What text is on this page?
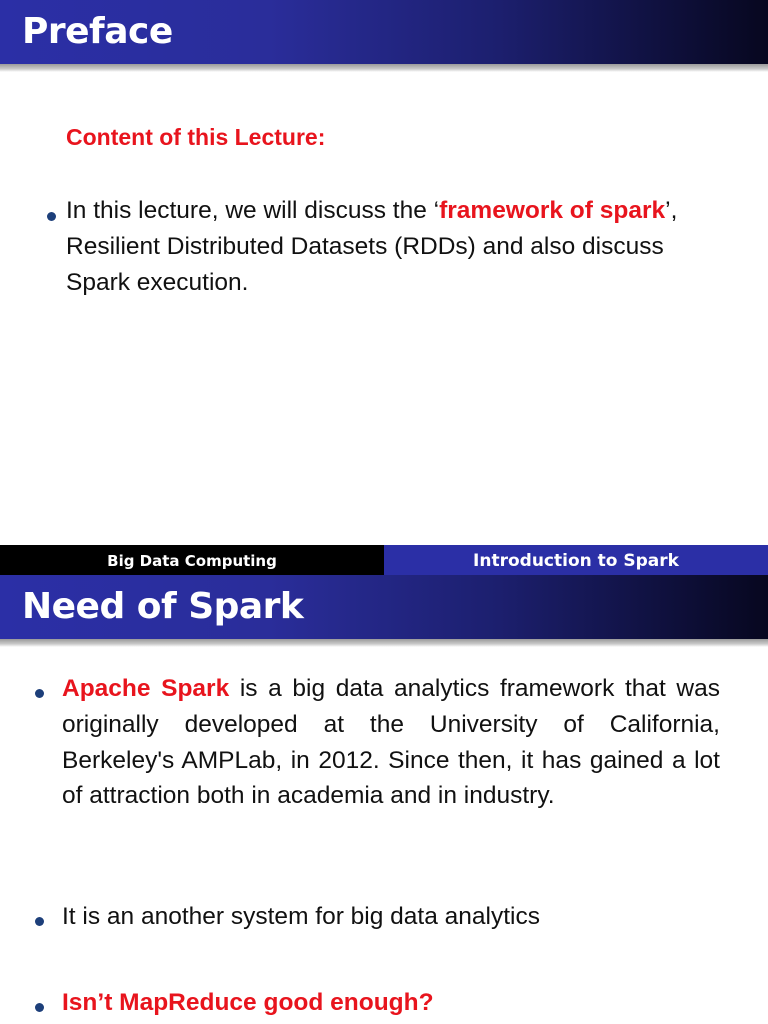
Preface
Content of this Lecture:
In this lecture, we will discuss the ‘framework of spark’, Resilient Distributed Datasets (RDDs) and also discuss Spark execution.
Big Data Computing	Introduction to Spark
Need of Spark
Apache Spark is a big data analytics framework that was originally developed at the University of California, Berkeley's AMPLab, in 2012. Since then, it has gained a lot of attraction both in academia and in industry.
It is an another system for big data analytics
Isn’t MapReduce good enough?
